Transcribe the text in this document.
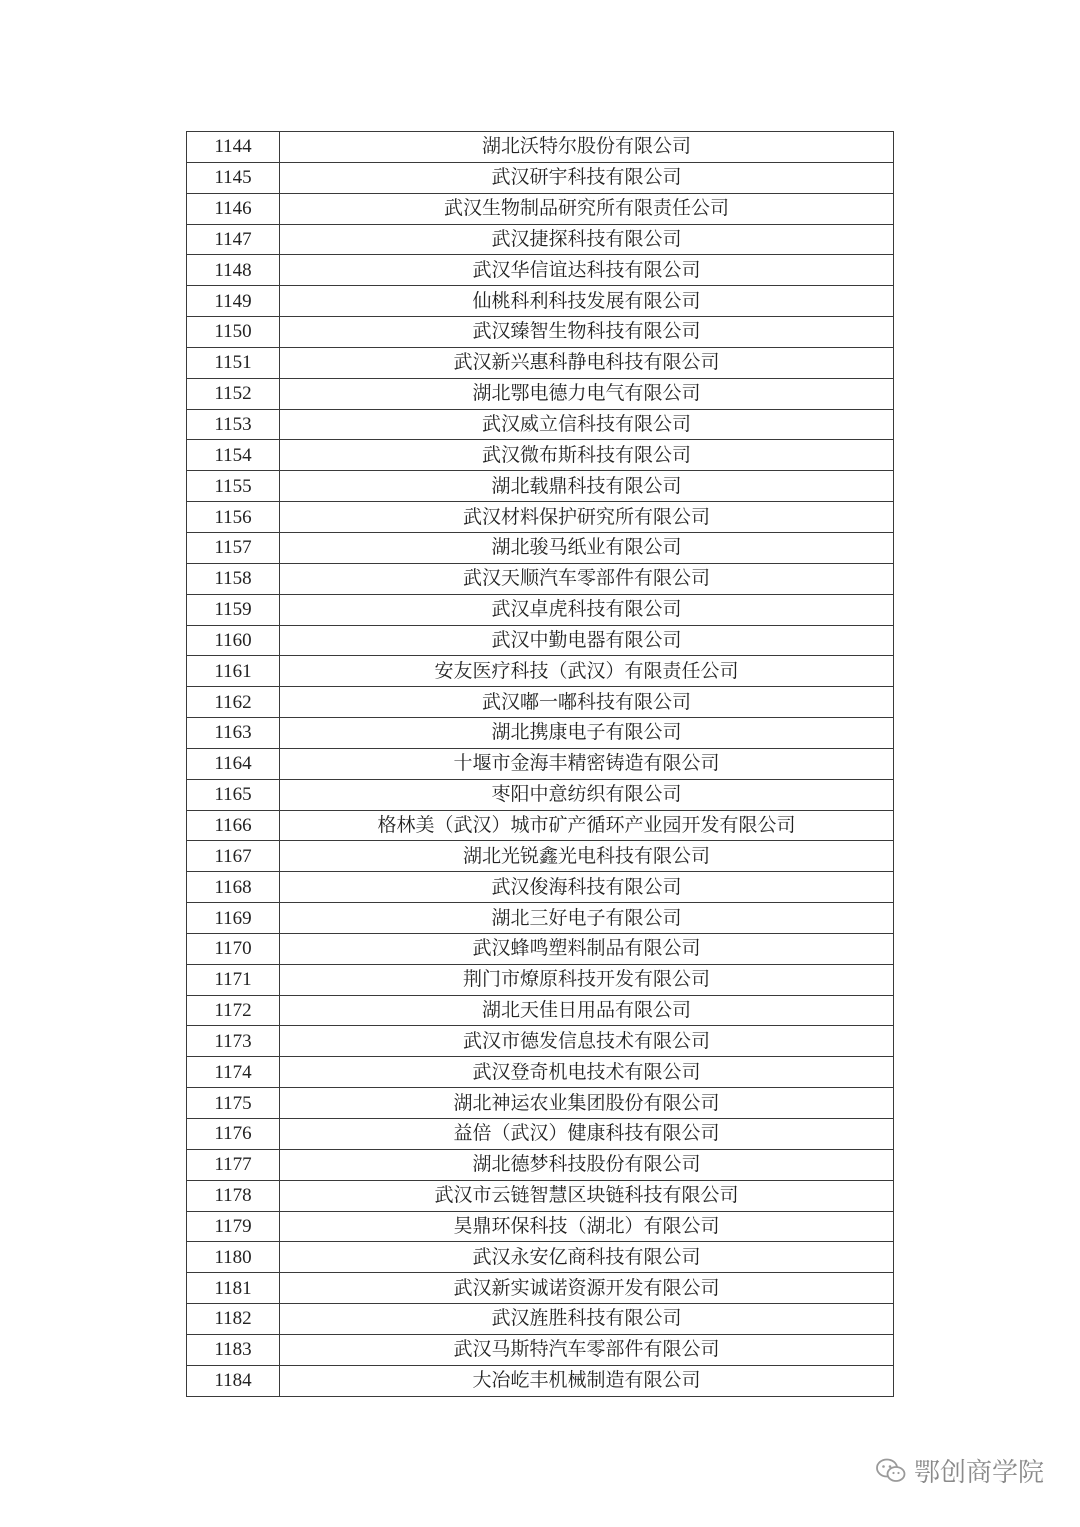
1144	湖北沃特尔股份有限公司
1145	武汉研宇科技有限公司
1146	武汉生物制品研究所有限责任公司
1147	武汉捷探科技有限公司
1148	武汉华信谊达科技有限公司
1149	仙桃科利科技发展有限公司
1150	武汉臻智生物科技有限公司
1151	武汉新兴惠科静电科技有限公司
1152	湖北鄂电德力电气有限公司
1153	武汉威立信科技有限公司
1154	武汉微布斯科技有限公司
1155	湖北载鼎科技有限公司
1156	武汉材料保护研究所有限公司
1157	湖北骏马纸业有限公司
1158	武汉天顺汽车零部件有限公司
1159	武汉卓虎科技有限公司
1160	武汉中勤电器有限公司
1161	安友医疗科技（武汉）有限责任公司
1162	武汉嘟一嘟科技有限公司
1163	湖北携康电子有限公司
1164	十堰市金海丰精密铸造有限公司
1165	枣阳中意纺织有限公司
1166	格林美（武汉）城市矿产循环产业园开发有限公司
1167	湖北光锐鑫光电科技有限公司
1168	武汉俊海科技有限公司
1169	湖北三好电子有限公司
1170	武汉蜂鸣塑料制品有限公司
1171	荆门市燎原科技开发有限公司
1172	湖北天佳日用品有限公司
1173	武汉市德发信息技术有限公司
1174	武汉登奇机电技术有限公司
1175	湖北神运农业集团股份有限公司
1176	益倍（武汉）健康科技有限公司
1177	湖北德梦科技股份有限公司
1178	武汉市云链智慧区块链科技有限公司
1179	昊鼎环保科技（湖北）有限公司
1180	武汉永安亿商科技有限公司
1181	武汉新实诚诺资源开发有限公司
1182	武汉旌胜科技有限公司
1183	武汉马斯特汽车零部件有限公司
1184	大冶屹丰机械制造有限公司
鄂创商学院
